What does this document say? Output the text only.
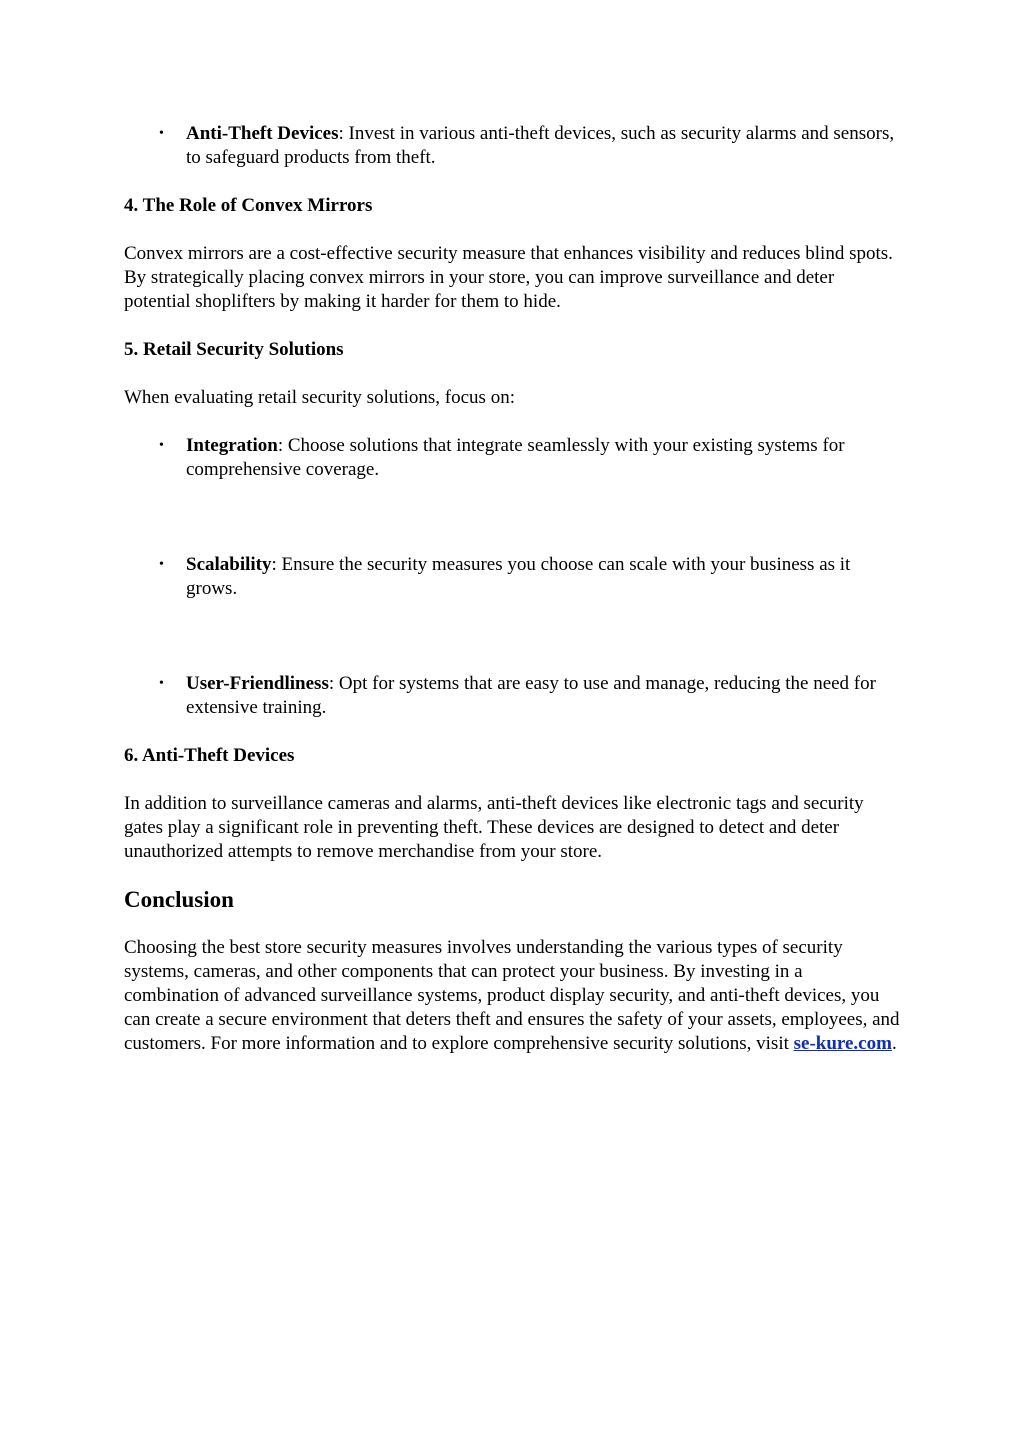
• Anti-Theft Devices: Invest in various anti-theft devices, such as security alarms and sensors, to safeguard products from theft.

4. The Role of Convex Mirrors

Convex mirrors are a cost-effective security measure that enhances visibility and reduces blind spots. By strategically placing convex mirrors in your store, you can improve surveillance and deter potential shoplifters by making it harder for them to hide.

5. Retail Security Solutions

When evaluating retail security solutions, focus on:

• Integration: Choose solutions that integrate seamlessly with your existing systems for comprehensive coverage.
• Scalability: Ensure the security measures you choose can scale with your business as it grows.
• User-Friendliness: Opt for systems that are easy to use and manage, reducing the need for extensive training.

6. Anti-Theft Devices

In addition to surveillance cameras and alarms, anti-theft devices like electronic tags and security gates play a significant role in preventing theft. These devices are designed to detect and deter unauthorized attempts to remove merchandise from your store.

Conclusion

Choosing the best store security measures involves understanding the various types of security systems, cameras, and other components that can protect your business. By investing in a combination of advanced surveillance systems, product display security, and anti-theft devices, you can create a secure environment that deters theft and ensures the safety of your assets, employees, and customers. For more information and to explore comprehensive security solutions, visit se-kure.com.
